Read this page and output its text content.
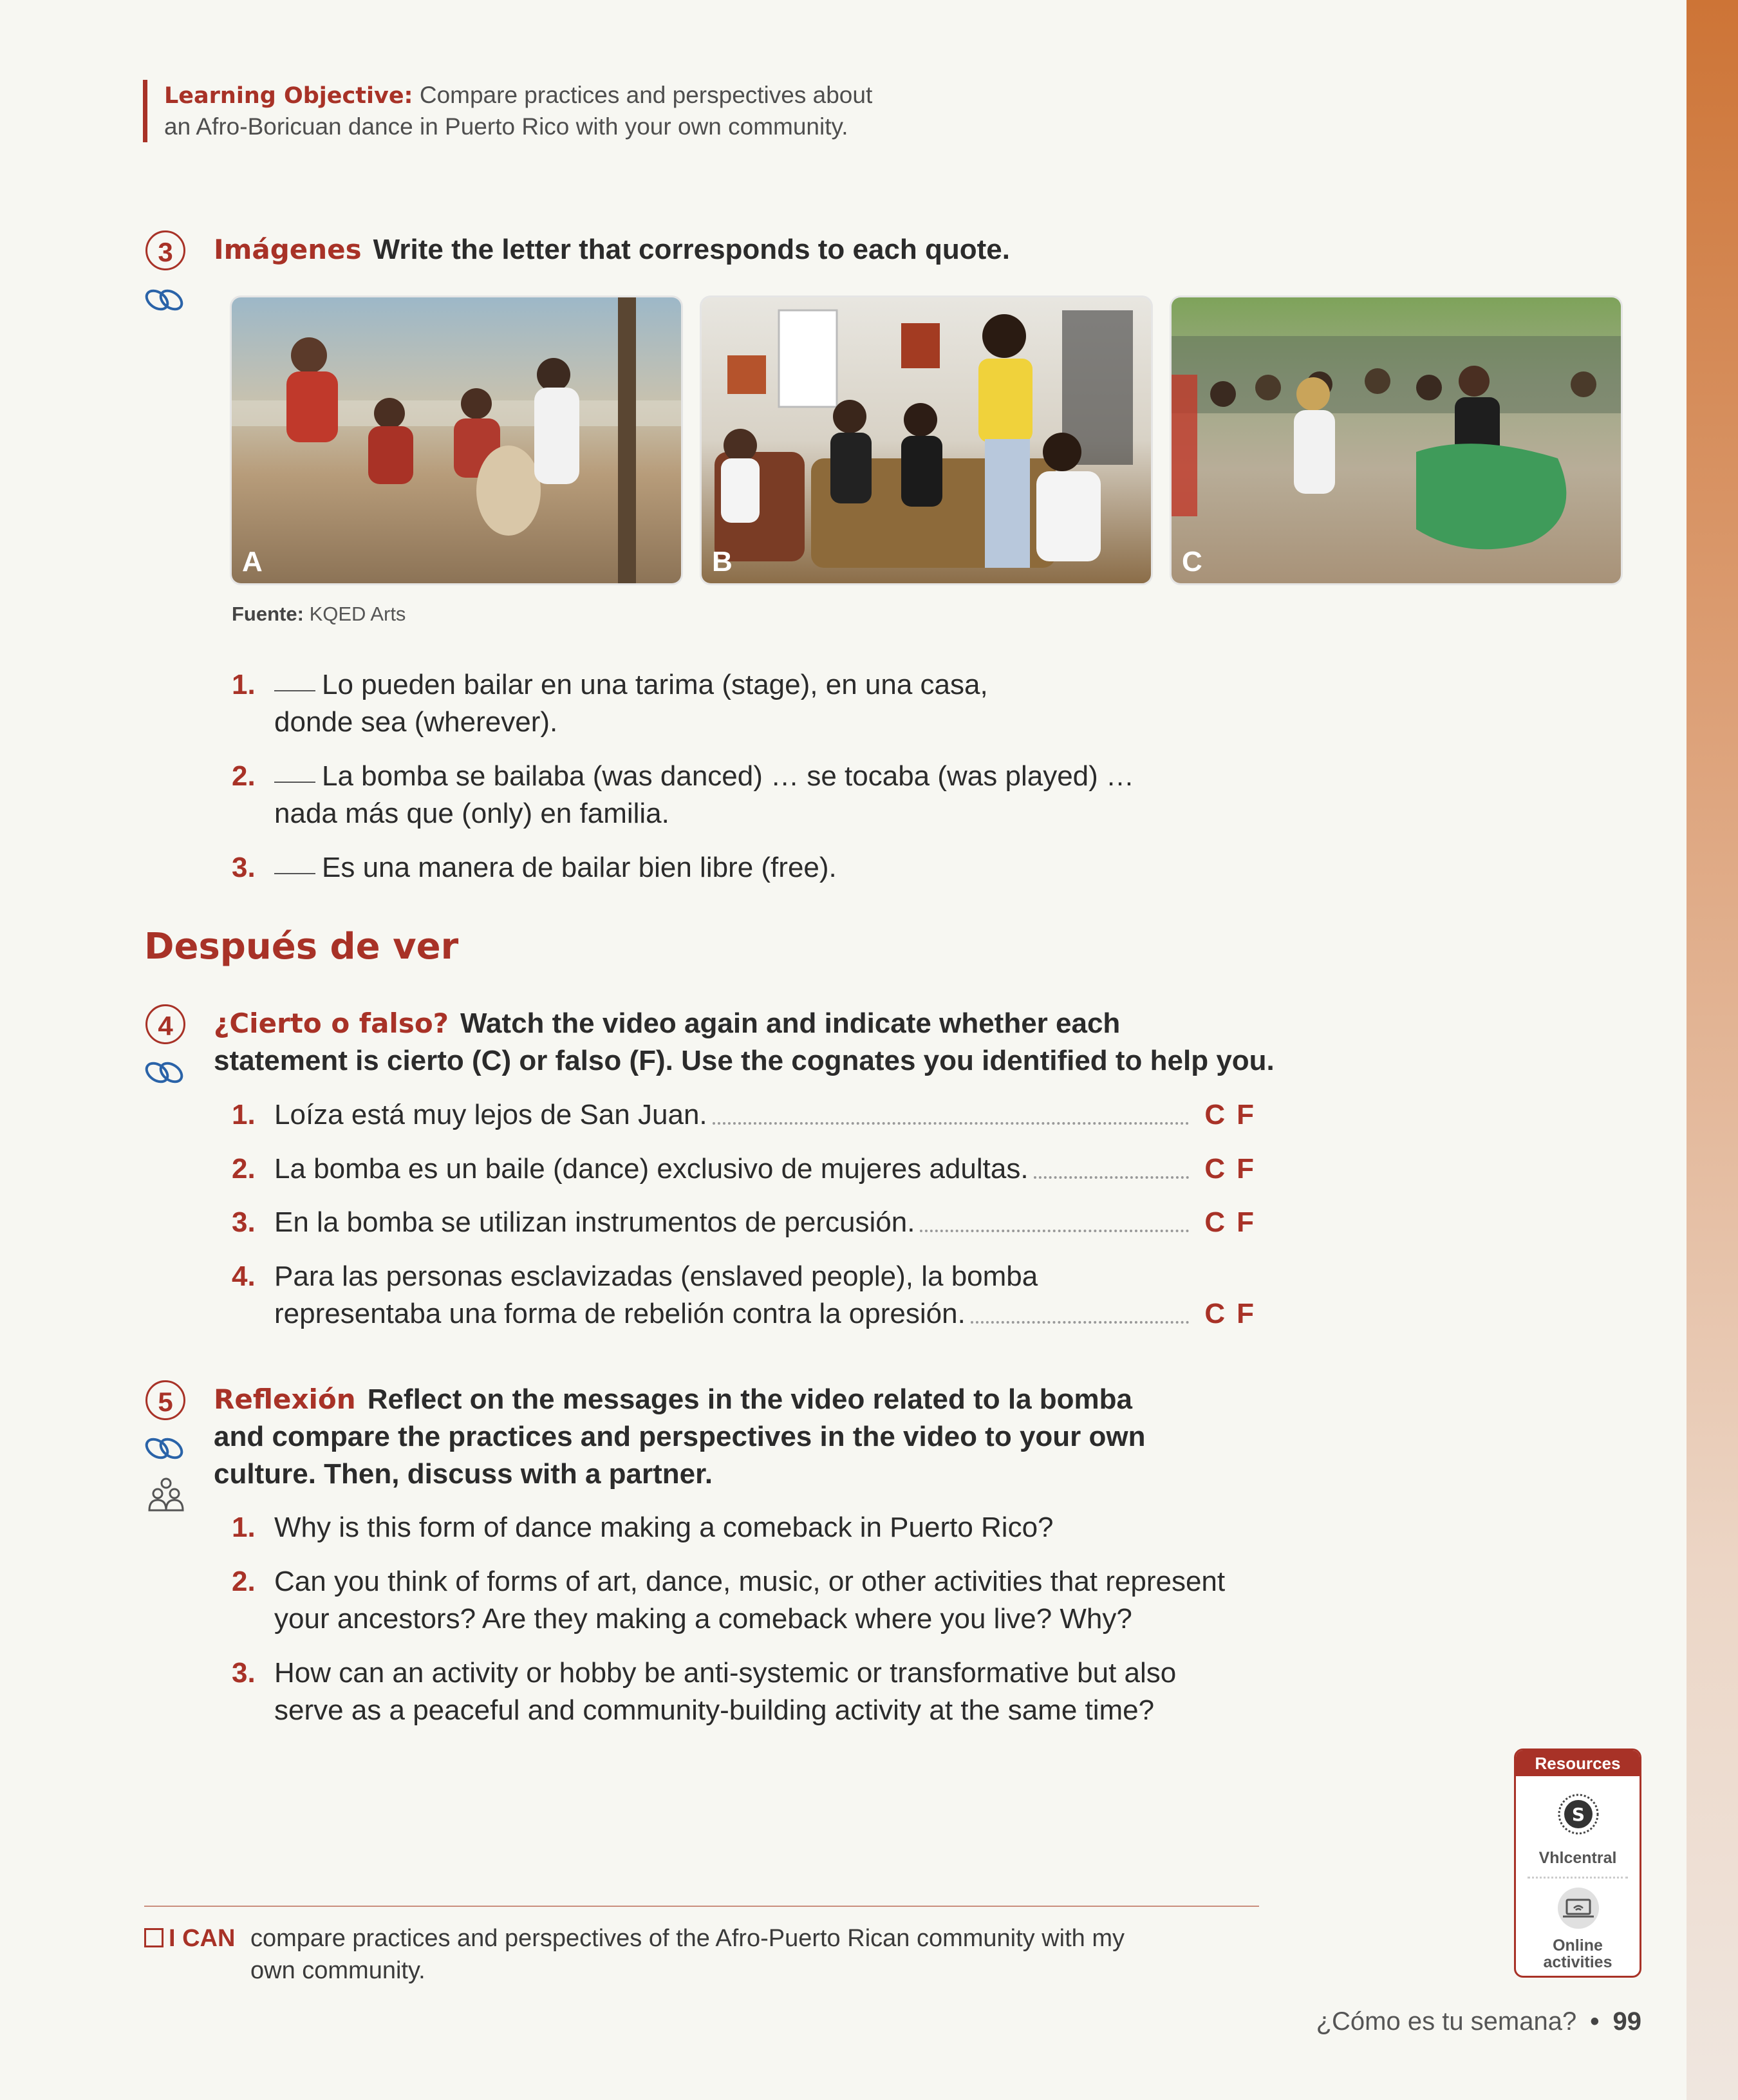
Learning Objective: Compare practices and perspectives about
an Afro-Boricuan dance in Puerto Rico with your own community.
3	Imágenes Write the letter that corresponds to each quote.
A	B	C
Fuente: KQED Arts
1.	Lo pueden bailar en una tarima (stage), en una casa,
donde sea (wherever).
2.	La bomba se bailaba (was danced) … se tocaba (was played) …
nada más que (only) en familia.
3.	Es una manera de bailar bien libre (free).
Después de ver
4	¿Cierto o falso? Watch the video again and indicate whether each
statement is cierto (C) or falso (F). Use the cognates you identified to help you.
1. Loíza está muy lejos de San Juan.	C F
2. La bomba es un baile (dance) exclusivo de mujeres adultas.	C F
3. En la bomba se utilizan instrumentos de percusión.	C F
4. Para las personas esclavizadas (enslaved people), la bomba
representaba una forma de rebelión contra la opresión.	C F
5	Reflexión Reflect on the messages in the video related to la bomba
and compare the practices and perspectives in the video to your own
culture. Then, discuss with a partner.
1. Why is this form of dance making a comeback in Puerto Rico?
2. Can you think of forms of art, dance, music, or other activities that represent
your ancestors? Are they making a comeback where you live? Why?
3. How can an activity or hobby be anti-systemic or transformative but also
serve as a peaceful and community-building activity at the same time?
Resources
S
Vhlcentral
Online
activities
I CAN compare practices and perspectives of the Afro-Puerto Rican community with my
own community.
¿Cómo es tu semana? • 99
